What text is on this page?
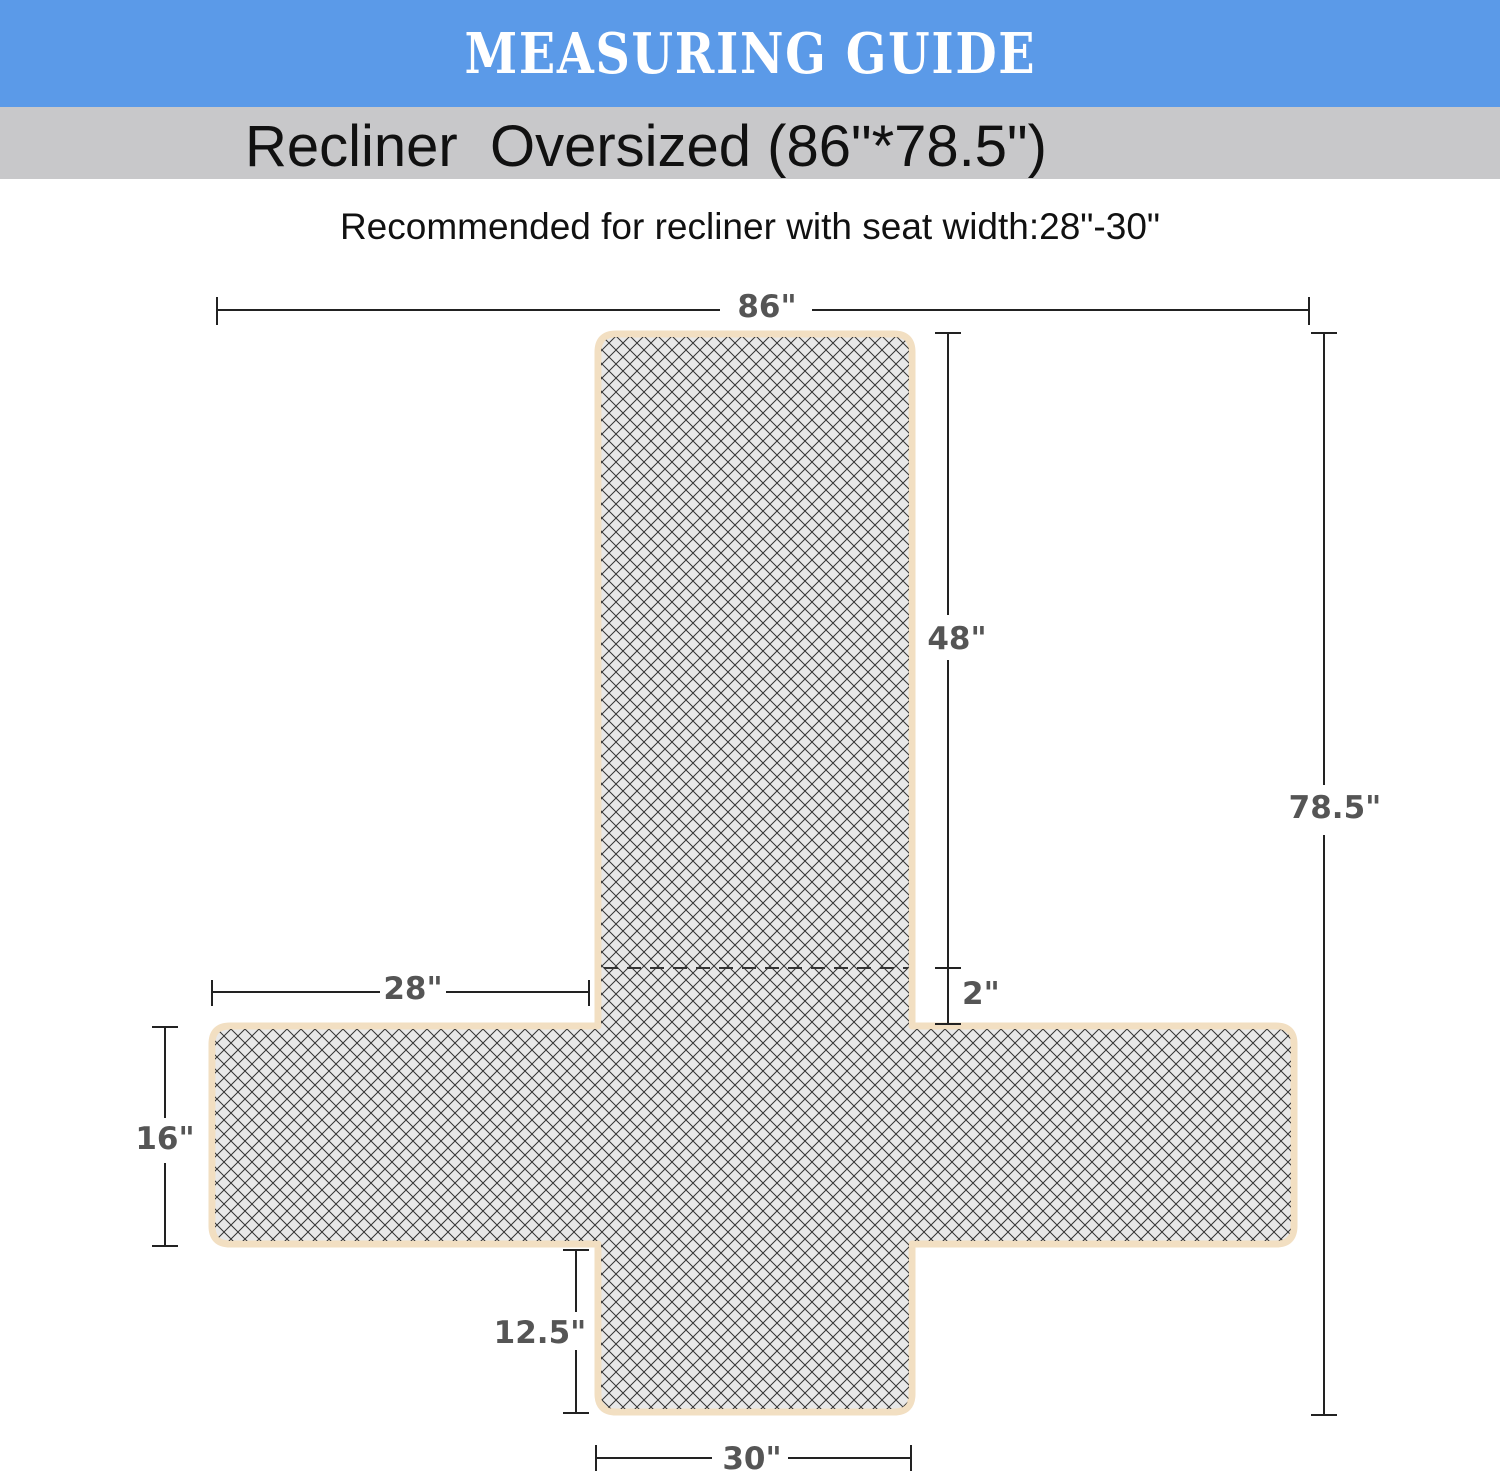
MEASURING GUIDE
Recliner  Oversized (86"*78.5")
Recommended for recliner with seat width:28"-30"
86"
78.5"
48"
2"
28"
16"
12.5"
30"
